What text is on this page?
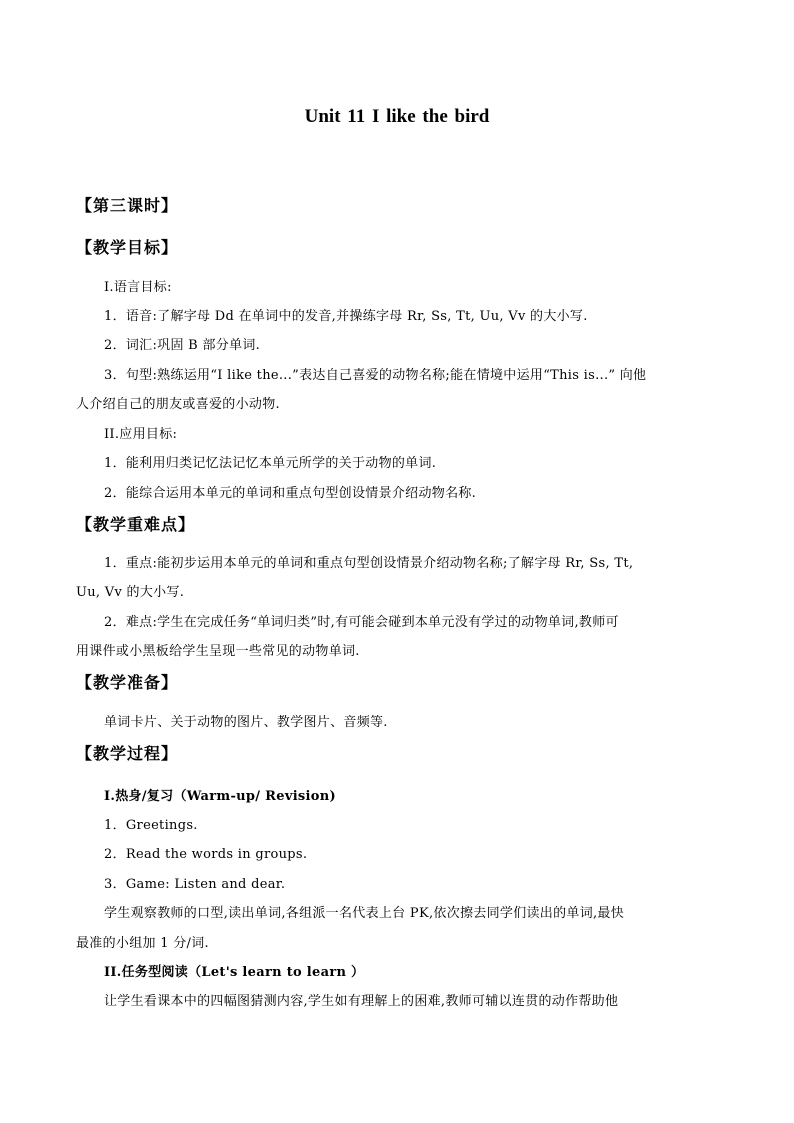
Unit 11 I like the bird
【第三课时】
【教学目标】
I.语言目标:
1．语音:了解字母 Dd 在单词中的发音,并操练字母 Rr, Ss, Tt, Uu, Vv 的大小写.
2．词汇:巩固 B 部分单词.
3．句型:熟练运用“I like the...”表达自己喜爱的动物名称;能在情境中运用“This is...” 向他
人介绍自己的朋友或喜爱的小动物.
II.应用目标:
1．能利用归类记忆法记忆本单元所学的关于动物的单词.
2．能综合运用本单元的单词和重点句型创设情景介绍动物名称.
【教学重难点】
1．重点:能初步运用本单元的单词和重点句型创设情景介绍动物名称;了解字母 Rr, Ss, Tt,
Uu, Vv 的大小写.
2．难点:学生在完成任务“单词归类”时,有可能会碰到本单元没有学过的动物单词,教师可
用课件或小黑板给学生呈现一些常见的动物单词.
【教学准备】
单词卡片、关于动物的图片、教学图片、音频等.
【教学过程】
I.热身/复习（Warm-up/ Revision)
1．Greetings.
2．Read the words in groups.
3．Game: Listen and dear.
学生观察教师的口型,读出单词,各组派一名代表上台 PK,依次擦去同学们读出的单词,最快
最准的小组加 1 分/词.
II.任务型阅读（Let's learn to learn ）
让学生看课本中的四幅图猜测内容,学生如有理解上的困难,教师可辅以连贯的动作帮助他
